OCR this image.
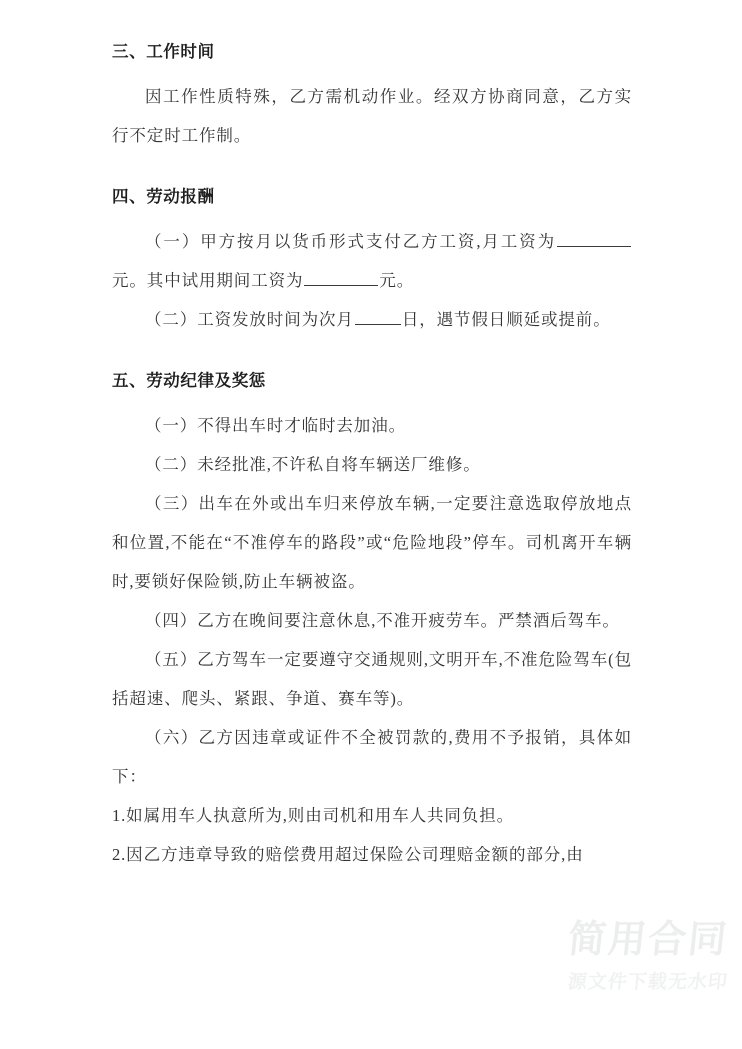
三、工作时间
因工作性质特殊，乙方需机动作业。经双方协商同意，乙方实行不定时工作制。
四、劳动报酬
（一）甲方按月以货币形式支付乙方工资,月工资为元。其中试用期间工资为	元。
（二）工资发放时间为次月	日，遇节假日顺延或提前。
五、劳动纪律及奖惩
（一）不得出车时才临时去加油。
（二）未经批准,不许私自将车辆送厂维修。
（三）出车在外或出车归来停放车辆,一定要注意选取停放地点和位置,不能在“不准停车的路段”或“危险地段”停车。司机离开车辆时,要锁好保险锁,防止车辆被盗。
（四）乙方在晚间要注意休息,不准开疲劳车。严禁酒后驾车。
（五）乙方驾车一定要遵守交通规则,文明开车,不准危险驾车(包括超速、爬头、紧跟、争道、赛车等)。
（六）乙方因违章或证件不全被罚款的,费用不予报销，具体如下：
1.如属用车人执意所为,则由司机和用车人共同负担。
2.因乙方违章导致的赔偿费用超过保险公司理赔金额的部分,由
简用合同
源文件下载无水印
